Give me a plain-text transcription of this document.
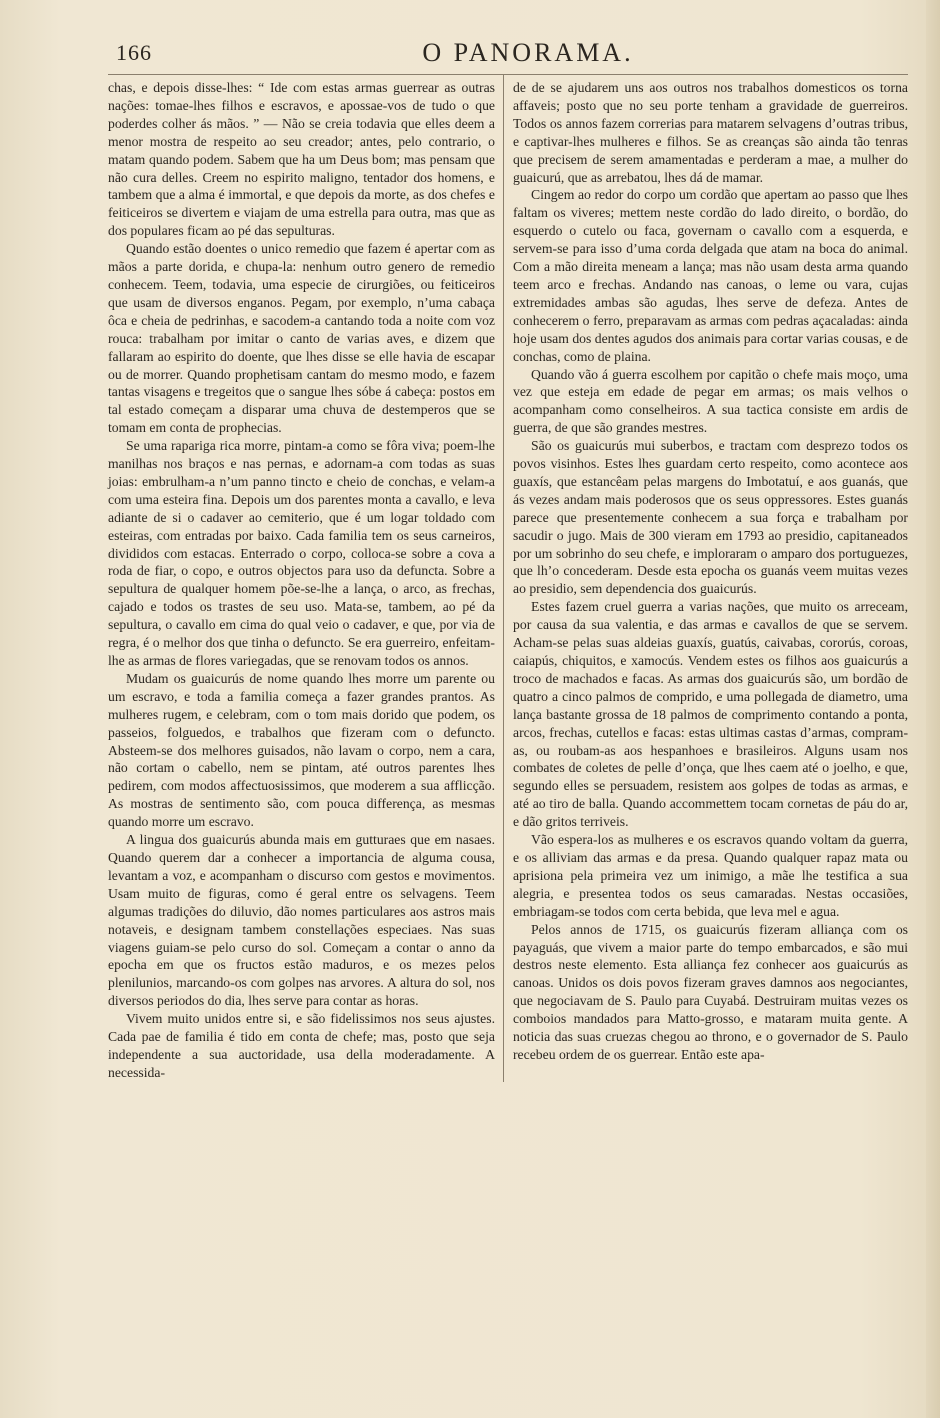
166	O PANORAMA.

chas, e depois disse-lhes: “ Ide com estas armas guerrear as outras nações: tomae-lhes filhos e escravos, e apossae-vos de tudo o que poderdes colher ás mãos. ” — Não se creia todavia que elles deem a menor mostra de respeito ao seu creador; antes, pelo contrario, o matam quando podem. Sabem que ha um Deus bom; mas pensam que não cura delles. Creem no espirito maligno, tentador dos homens, e tambem que a alma é immortal, e que depois da morte, as dos chefes e feiticeiros se divertem e viajam de uma estrella para outra, mas que as dos populares ficam ao pé das sepulturas.

Quando estão doentes o unico remedio que fazem é apertar com as mãos a parte dorida, e chupa-la: nenhum outro genero de remedio conhecem. Teem, todavia, uma especie de cirurgiões, ou feiticeiros que usam de diversos enganos. Pegam, por exemplo, n’uma cabaça ôca e cheia de pedrinhas, e sacodem-a cantando toda a noite com voz rouca: trabalham por imitar o canto de varias aves, e dizem que fallaram ao espirito do doente, que lhes disse se elle havia de escapar ou de morrer. Quando prophetisam cantam do mesmo modo, e fazem tantas visagens e tregeitos que o sangue lhes sóbe á cabeça: postos em tal estado começam a disparar uma chuva de destemperos que se tomam em conta de prophecias.

Se uma rapariga rica morre, pintam-a como se fôra viva; poem-lhe manilhas nos braços e nas pernas, e adornam-a com todas as suas joias: embrulham-a n’um panno tincto e cheio de conchas, e velam-a com uma esteira fina. Depois um dos parentes monta a cavallo, e leva adiante de si o cadaver ao cemiterio, que é um logar toldado com esteiras, com entradas por baixo. Cada familia tem os seus carneiros, divididos com estacas. Enterrado o corpo, colloca-se sobre a cova a roda de fiar, o copo, e outros objectos para uso da defuncta. Sobre a sepultura de qualquer homem põe-se-lhe a lança, o arco, as frechas, cajado e todos os trastes de seu uso. Mata-se, tambem, ao pé da sepultura, o cavallo em cima do qual veio o cadaver, e que, por via de regra, é o melhor dos que tinha o defuncto. Se era guerreiro, enfeitam-lhe as armas de flores variegadas, que se renovam todos os annos.

Mudam os guaicurús de nome quando lhes morre um parente ou um escravo, e toda a familia começa a fazer grandes prantos. As mulheres rugem, e celebram, com o tom mais dorido que podem, os passeios, folguedos, e trabalhos que fizeram com o defuncto. Absteem-se dos melhores guisados, não lavam o corpo, nem a cara, não cortam o cabello, nem se pintam, até outros parentes lhes pedirem, com modos affectuosissimos, que moderem a sua afflicção. As mostras de sentimento são, com pouca differença, as mesmas quando morre um escravo.

A lingua dos guaicurús abunda mais em gutturaes que em nasaes. Quando querem dar a conhecer a importancia de alguma cousa, levantam a voz, e acompanham o discurso com gestos e movimentos. Usam muito de figuras, como é geral entre os selvagens. Teem algumas tradições do diluvio, dão nomes particulares aos astros mais notaveis, e designam tambem constellações especiaes. Nas suas viagens guiam-se pelo curso do sol. Começam a contar o anno da epocha em que os fructos estão maduros, e os mezes pelos plenilunios, marcando-os com golpes nas arvores. A altura do sol, nos diversos periodos do dia, lhes serve para contar as horas.

Vivem muito unidos entre si, e são fidelissimos nos seus ajustes. Cada pae de familia é tido em conta de chefe; mas, posto que seja independente a sua auctoridade, usa della moderadamente. A necessida-

de de se ajudarem uns aos outros nos trabalhos domesticos os torna affaveis; posto que no seu porte tenham a gravidade de guerreiros. Todos os annos fazem correrias para matarem selvagens d’outras tribus, e captivar-lhes mulheres e filhos. Se as creanças são ainda tão tenras que precisem de serem amamentadas e perderam a mae, a mulher do guaicurú, que as arrebatou, lhes dá de mamar.

Cingem ao redor do corpo um cordão que apertam ao passo que lhes faltam os viveres; mettem neste cordão do lado direito, o bordão, do esquerdo o cutelo ou faca, governam o cavallo com a esquerda, e servem-se para isso d’uma corda delgada que atam na boca do animal. Com a mão direita meneam a lança; mas não usam desta arma quando teem arco e frechas. Andando nas canoas, o leme ou vara, cujas extremidades ambas são agudas, lhes serve de defeza. Antes de conhecerem o ferro, preparavam as armas com pedras açacaladas: ainda hoje usam dos dentes agudos dos animais para cortar varias cousas, e de conchas, como de plaina.

Quando vão á guerra escolhem por capitão o chefe mais moço, uma vez que esteja em edade de pegar em armas; os mais velhos o acompanham como conselheiros. A sua tactica consiste em ardis de guerra, de que são grandes mestres.

São os guaicurús mui suberbos, e tractam com desprezo todos os povos visinhos. Estes lhes guardam certo respeito, como acontece aos guaxís, que estancêam pelas margens do Imbotatuí, e aos guanás, que ás vezes andam mais poderosos que os seus oppressores. Estes guanás parece que presentemente conhecem a sua força e trabalham por sacudir o jugo. Mais de 300 vieram em 1793 ao presidio, capitaneados por um sobrinho do seu chefe, e imploraram o amparo dos portuguezes, que lh’o concederam. Desde esta epocha os guanás veem muitas vezes ao presidio, sem dependencia dos guaicurús.

Estes fazem cruel guerra a varias nações, que muito os arreceam, por causa da sua valentia, e das armas e cavallos de que se servem. Acham-se pelas suas aldeias guaxís, guatús, caivabas, cororús, coroas, caiapús, chiquitos, e xamocús. Vendem estes os filhos aos guaicurús a troco de machados e facas. As armas dos guaicurús são, um bordão de quatro a cinco palmos de comprido, e uma pollegada de diametro, uma lança bastante grossa de 18 palmos de comprimento contando a ponta, arcos, frechas, cutellos e facas: estas ultimas castas d’armas, compram-as, ou roubam-as aos hespanhoes e brasileiros. Alguns usam nos combates de coletes de pelle d’onça, que lhes caem até o joelho, e que, segundo elles se persuadem, resistem aos golpes de todas as armas, e até ao tiro de balla. Quando accommettem tocam cornetas de páu do ar, e dão gritos terriveis.

Vão espera-los as mulheres e os escravos quando voltam da guerra, e os alliviam das armas e da presa. Quando qualquer rapaz mata ou aprisiona pela primeira vez um inimigo, a mãe lhe testifica a sua alegria, e presentea todos os seus camaradas. Nestas occasiões, embriagam-se todos com certa bebida, que leva mel e agua.

Pelos annos de 1715, os guaicurús fizeram alliança com os payaguás, que vivem a maior parte do tempo embarcados, e são mui destros neste elemento. Esta alliança fez conhecer aos guaicurús as canoas. Unidos os dois povos fizeram graves damnos aos negociantes, que negociavam de S. Paulo para Cuyabá. Destruiram muitas vezes os comboios mandados para Matto-grosso, e mataram muita gente. A noticia das suas cruezas chegou ao throno, e o governador de S. Paulo recebeu ordem de os guerrear. Então este apa-
